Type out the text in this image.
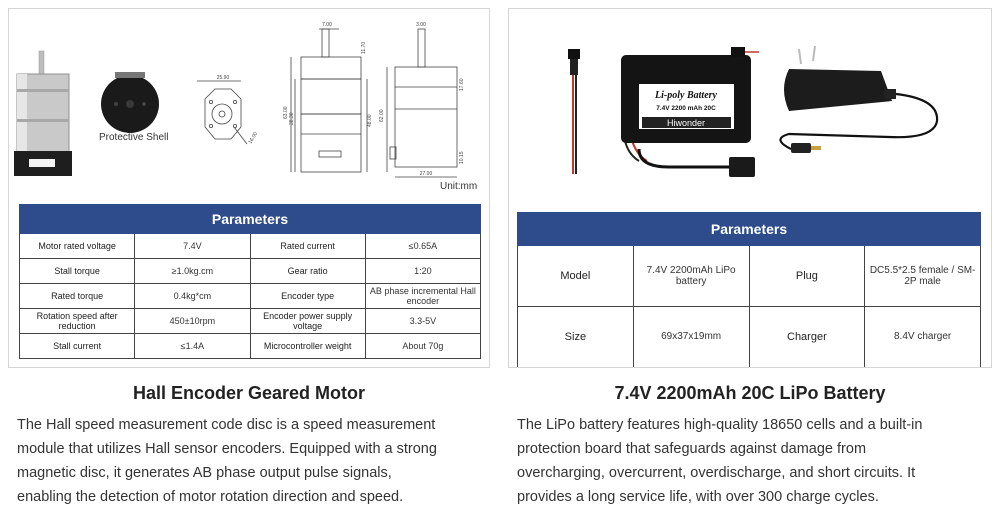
Protective Shell
25.90
16.00
7.00
63.00 38.30	48.00
11.70
3.00
62.00
17.60
10.15
27.00
Unit:mm
Parameters			
Motor rated voltage	7.4V	Rated current	≤0.65A
Stall torque	≥1.0kg.cm	Gear ratio	1:20
Rated torque	0.4kg*cm	Encoder type	AB phase incremental Hall encoder
Rotation speed after reduction	450±10rpm	Encoder power supply voltage	3.3-5V
Stall current	≤1.4A	Microcontroller weight	About 70g
Li-poly Battery
7.4V 2200 mAh 20C
Hiwonder
Parameters			
Model	7.4V 2200mAh LiPo battery	Plug	DC5.5*2.5 female / SM-2P male
Size	69x37x19mm	Charger	8.4V charger
Hall Encoder Geared Motor	7.4V 2200mAh 20C LiPo Battery

The Hall speed measurement code disc is a speed measurement
module that utilizes Hall sensor encoders. Equipped with a strong
magnetic disc, it generates AB phase output pulse signals,
enabling the detection of motor rotation direction and speed.

The LiPo battery features high-quality 18650 cells and a built-in
protection board that safeguards against damage from
overcharging, overcurrent, overdischarge, and short circuits. It
provides a long service life, with over 300 charge cycles.
